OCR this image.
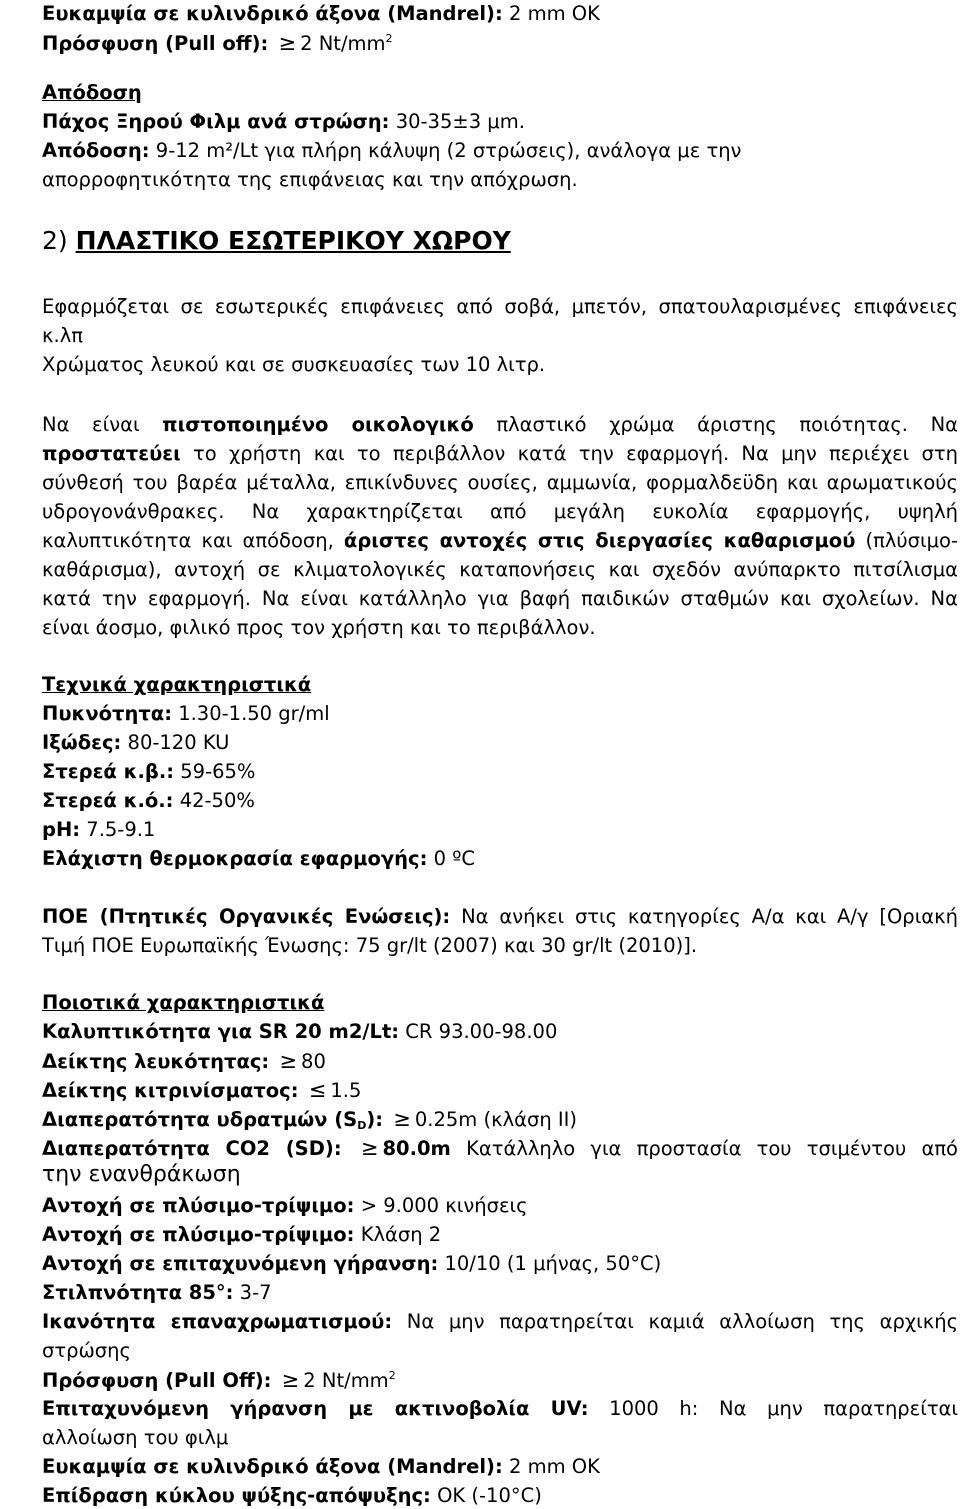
Ευκαμψία σε κυλινδρικό άξονα (Mandrel): 2 mm OK
Πρόσφυση (Pull off): ≥ 2 $Nt/mm^2$
Απόδοση
Πάχος Ξηρού Φιλμ ανά στρώση: 30-35±3 μm.
Απόδοση: 9-12 m²/Lt για πλήρη κάλυψη (2 στρώσεις), ανάλογα με την
απορροφητικότητα της επιφάνειας και την απόχρωση.
2) ΠΛΑΣΤΙΚΟ ΕΣΩΤΕΡΙΚΟΥ ΧΩΡΟΥ
Εφαρμόζεται σε εσωτερικές επιφάνειες από σοβά, μπετόν, σπατουλαρισμένες επιφάνειες
κ.λπ
Χρώματος λευκού και σε συσκευασίες των 10 λιτρ.
Να είναι πιστοποιημένο οικολογικό πλαστικό χρώμα άριστης ποιότητας. Να
προστατεύει το χρήστη και το περιβάλλον κατά την εφαρμογή. Να μην περιέχει στη
σύνθεσή του βαρέα μέταλλα, επικίνδυνες ουσίες, αμμωνία, φορμαλδεϋδη και αρωματικούς
υδρογονάνθρακες. Να χαρακτηρίζεται από μεγάλη ευκολία εφαρμογής, υψηλή
καλυπτικότητα και απόδοση, άριστες αντοχές στις διεργασίες καθαρισμού (πλύσιμο-
καθάρισμα), αντοχή σε κλιματολογικές καταπονήσεις και σχεδόν ανύπαρκτο πιτσίλισμα
κατά την εφαρμογή. Να είναι κατάλληλο για βαφή παιδικών σταθμών και σχολείων. Να
είναι άοσμο, φιλικό προς τον χρήστη και το περιβάλλον.
Τεχνικά χαρακτηριστικά
Πυκνότητα: 1.30-1.50 gr/ml
Ιξώδες: 80-120 KU
Στερεά κ.β.: 59-65%
Στερεά κ.ό.: 42-50%
pH: 7.5-9.1
Ελάχιστη θερμοκρασία εφαρμογής: 0 ºC
ΠΟΕ (Πτητικές Οργανικές Ενώσεις): Να ανήκει στις κατηγορίες Α/α και Α/γ [Οριακή
Τιμή ΠΟΕ Ευρωπαϊκής Ένωσης: 75 gr/lt (2007) και 30 gr/lt (2010)].
Ποιοτικά χαρακτηριστικά
Καλυπτικότητα για SR 20 m2/Lt: CR 93.00-98.00
Δείκτης λευκότητας: ≥ 80
Δείκτης κιτρινίσματος: ≤ 1.5
Διαπερατότητα υδρατμών $(S_D)$: ≥ 0.25m (κλάση ΙΙ)
Διαπερατότητα CO2 (SD): ≥ 80.0m Κατάλληλο για προστασία του τσιμέντου από
την ενανθράκωση
Αντοχή σε πλύσιμο-τρίψιμο: > 9.000 κινήσεις
Αντοχή σε πλύσιμο-τρίψιμο: Κλάση 2
Αντοχή σε επιταχυνόμενη γήρανση: 10/10 (1 μήνας, 50°C)
Στιλπνότητα 85°: 3-7
Ικανότητα επαναχρωματισμού: Να μην παρατηρείται καμιά αλλοίωση της αρχικής
στρώσης
Πρόσφυση (Pull Off): ≥ 2 $Nt/mm^2$
Επιταχυνόμενη γήρανση με ακτινοβολία UV: 1000 h: Να μην παρατηρείται
αλλοίωση του φιλμ
Ευκαμψία σε κυλινδρικό άξονα (Mandrel): 2 mm OK
Επίδραση κύκλου ψύξης-απόψυξης: OK (-10°C)
